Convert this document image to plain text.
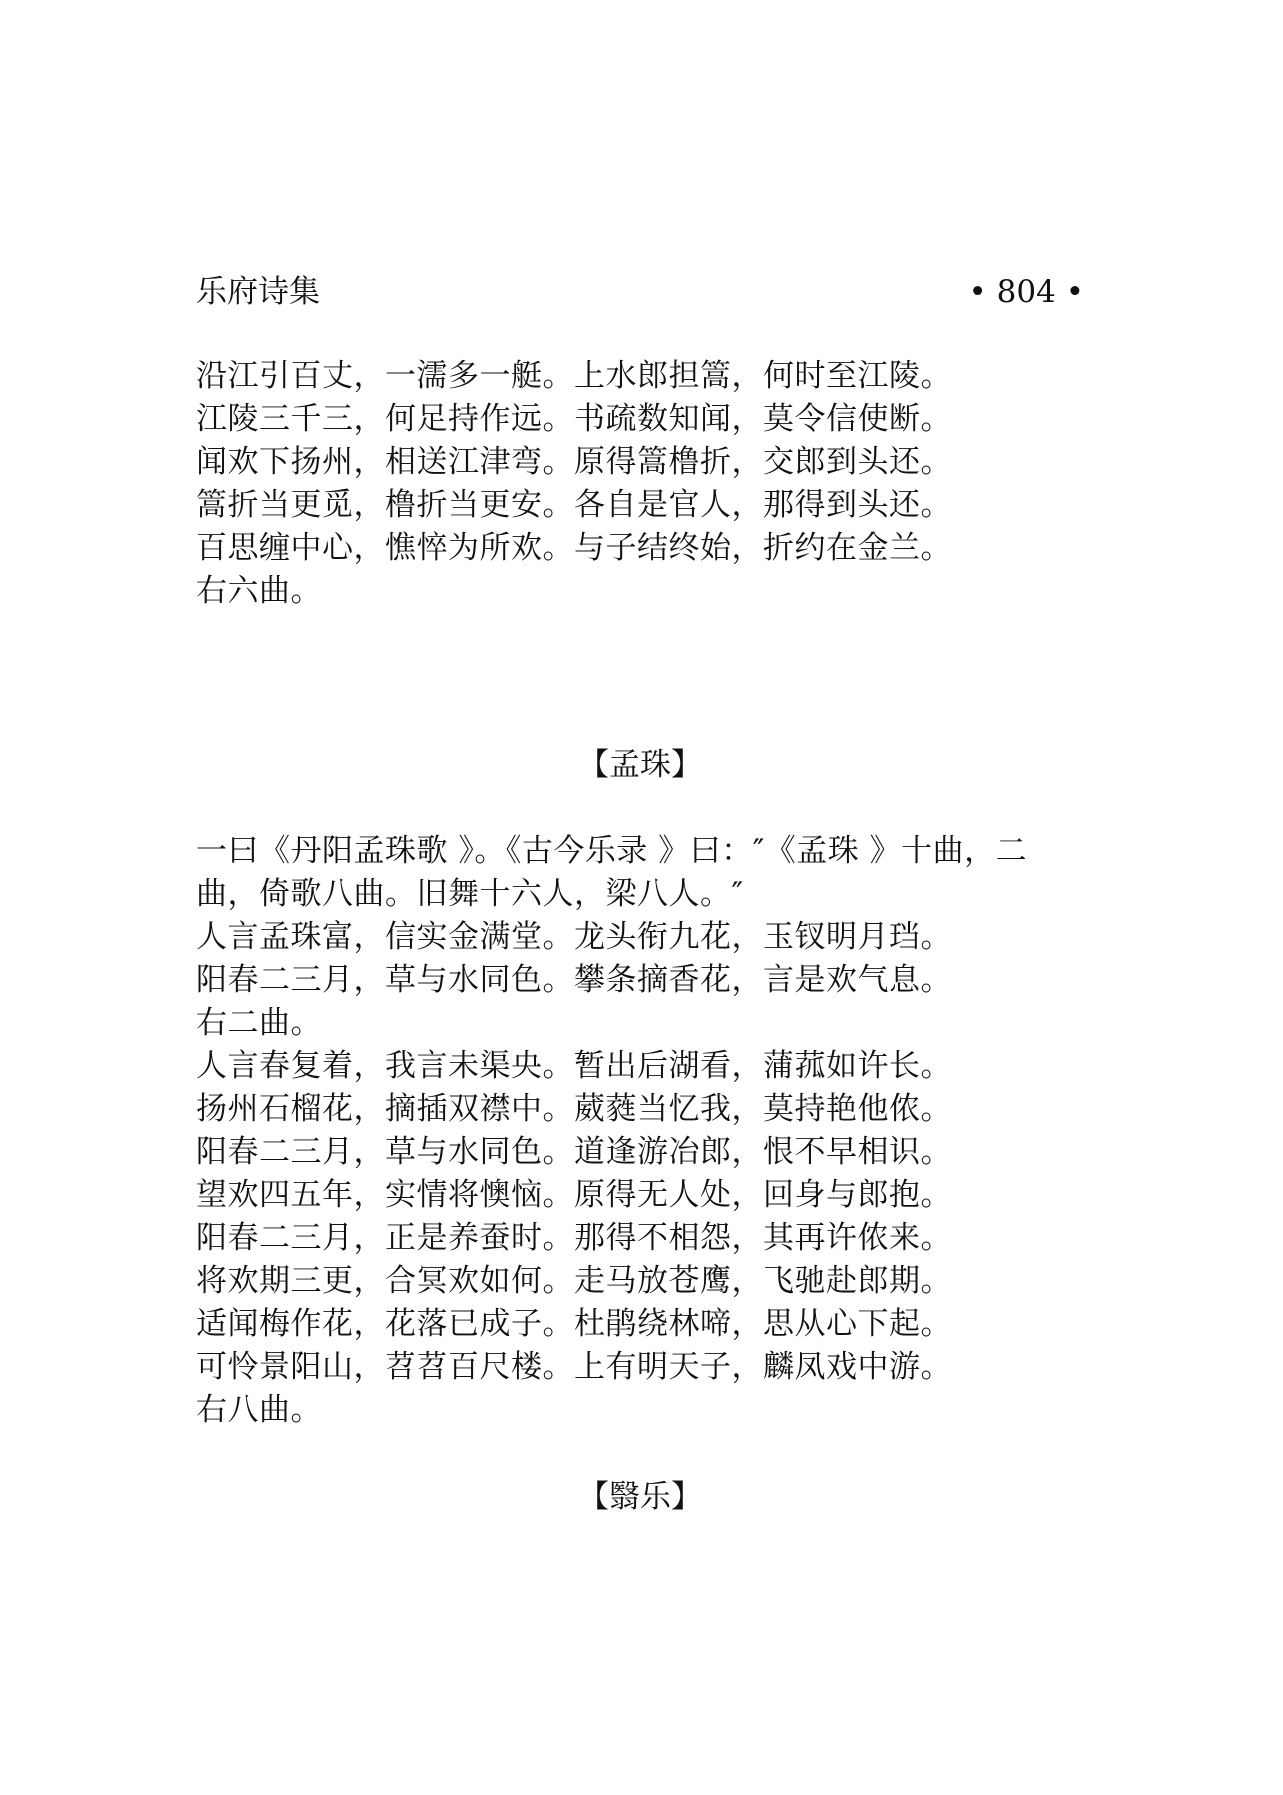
乐府诗集	• 804 •
沿江引百丈，一濡多一艇。上水郎担篙，何时至江陵。
江陵三千三，何足持作远。书疏数知闻，莫令信使断。
闻欢下扬州，相送江津弯。原得篙橹折，交郎到头还。
篙折当更觅，橹折当更安。各自是官人，那得到头还。
百思缠中心，憔悴为所欢。与子结终始，折约在金兰。
右六曲。
【孟珠】
一曰《丹阳孟珠歌 》。《古今乐录 》曰：″《孟珠 》十曲，二
曲，倚歌八曲。旧舞十六人，梁八人。″
人言孟珠富，信实金满堂。龙头衔九花，玉钗明月珰。
阳春二三月，草与水同色。攀条摘香花，言是欢气息。
右二曲。
人言春复着，我言未渠央。暂出后湖看，蒲菰如许长。
扬州石榴花，摘插双襟中。葳蕤当忆我，莫持艳他侬。
阳春二三月，草与水同色。道逢游冶郎，恨不早相识。
望欢四五年，实情将懊恼。原得无人处，回身与郎抱。
阳春二三月，正是养蚕时。那得不相怨，其再许侬来。
将欢期三更，合冥欢如何。走马放苍鹰，飞驰赴郎期。
适闻梅作花，花落已成子。杜鹃绕林啼，思从心下起。
可怜景阳山，苕苕百尺楼。上有明天子，麟凤戏中游。
右八曲。
【翳乐】
